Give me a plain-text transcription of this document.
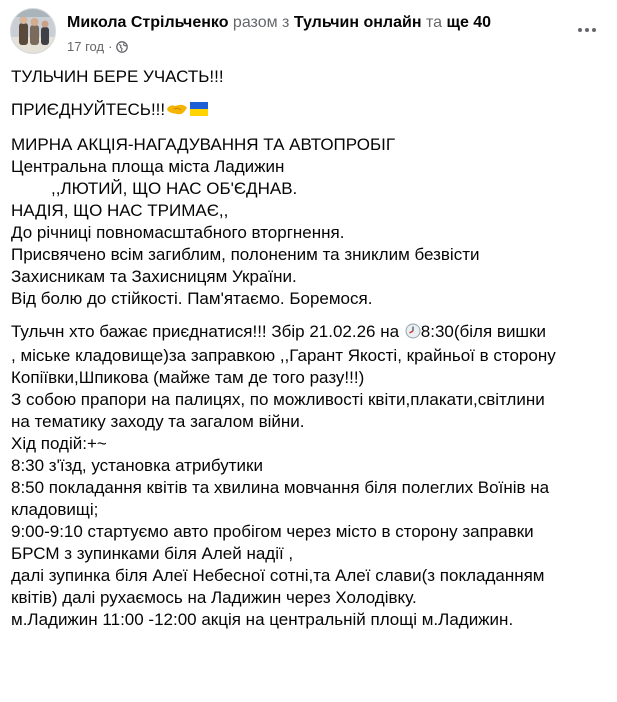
Микола Стрільченко разом з Тульчин онлайн та ще 40
17 год ·

ТУЛЬЧИН БЕРЕ УЧАСТЬ!!!

ПРИЄДНУЙТЕСЬ!!!

МИРНА АКЦІЯ-НАГАДУВАННЯ ТА АВТОПРОБІГ
Центральна площа міста Ладижин
,,ЛЮТИЙ, ЩО НАС ОБ'ЄДНАВ.
НАДІЯ, ЩО НАС ТРИМАЄ,,
До річниці повномасштабного вторгнення.
Присвячено всім загиблим, полоненим та зниклим безвісти
Захисникам та Захисницям України.
Від болю до стійкості. Пам'ятаємо. Боремося.

Тульчн хто бажає приєднатися!!! Збір 21.02.26 на 8:30(біля вишки
, міське кладовище)за заправкою ,,Гарант Якості, крайньої в сторону
Копіївки,Шпикова (майже там де того разу!!!)
З собою прапори на палицях, по можливості квіти,плакати,світлини
на тематику заходу та загалом війни.
Хід подій:+~
8:30 з'їзд, установка атрибутики
8:50 покладання квітів та хвилина мовчання біля полеглих Воїнів на
кладовищі;
9:00-9:10 стартуємо авто пробігом через місто в сторону заправки
БРСМ з зупинками біля Алей надії ,
далі зупинка біля Алеї Небесної сотні,та Алеї слави(з покладанням
квітів) далі рухаємось на Ладижин через Холодівку.
м.Ладижин 11:00 -12:00 акція на центральній площі м.Ладижин.
